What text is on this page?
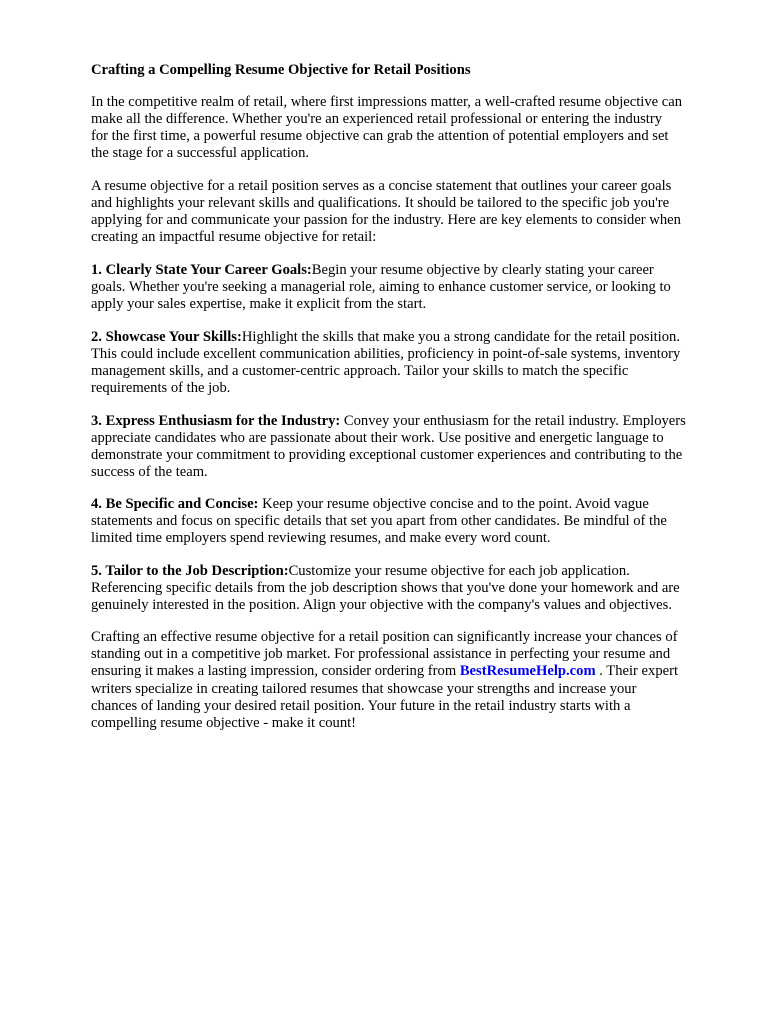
Crafting a Compelling Resume Objective for Retail Positions
In the competitive realm of retail, where first impressions matter, a well-crafted resume objective can
make all the difference. Whether you're an experienced retail professional or entering the industry
for the first time, a powerful resume objective can grab the attention of potential employers and set
the stage for a successful application.
A resume objective for a retail position serves as a concise statement that outlines your career goals
and highlights your relevant skills and qualifications. It should be tailored to the specific job you're
applying for and communicate your passion for the industry. Here are key elements to consider when
creating an impactful resume objective for retail:
1. Clearly State Your Career Goals:Begin your resume objective by clearly stating your career
goals. Whether you're seeking a managerial role, aiming to enhance customer service, or looking to
apply your sales expertise, make it explicit from the start.
2. Showcase Your Skills:Highlight the skills that make you a strong candidate for the retail position.
This could include excellent communication abilities, proficiency in point-of-sale systems, inventory
management skills, and a customer-centric approach. Tailor your skills to match the specific
requirements of the job.
3. Express Enthusiasm for the Industry: Convey your enthusiasm for the retail industry. Employers
appreciate candidates who are passionate about their work. Use positive and energetic language to
demonstrate your commitment to providing exceptional customer experiences and contributing to the
success of the team.
4. Be Specific and Concise: Keep your resume objective concise and to the point. Avoid vague
statements and focus on specific details that set you apart from other candidates. Be mindful of the
limited time employers spend reviewing resumes, and make every word count.
5. Tailor to the Job Description:Customize your resume objective for each job application.
Referencing specific details from the job description shows that you've done your homework and are
genuinely interested in the position. Align your objective with the company's values and objectives.
Crafting an effective resume objective for a retail position can significantly increase your chances of
standing out in a competitive job market. For professional assistance in perfecting your resume and
ensuring it makes a lasting impression, consider ordering from BestResumeHelp.com . Their expert
writers specialize in creating tailored resumes that showcase your strengths and increase your
chances of landing your desired retail position. Your future in the retail industry starts with a
compelling resume objective - make it count!
